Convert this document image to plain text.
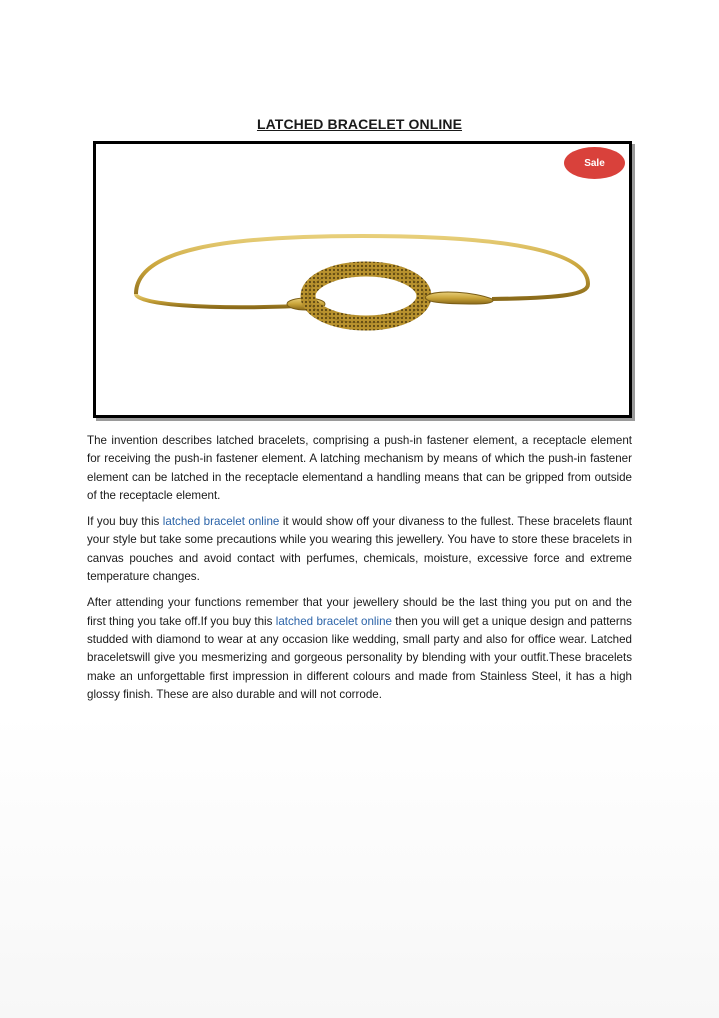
LATCHED BRACELET ONLINE
Sale

The invention describes latched bracelets, comprising a push-in fastener element, a receptacle element for receiving the push-in fastener element. A latching mechanism by means of which the push-in fastener element can be latched in the receptacle elementand a handling means that can be gripped from outside of the receptacle element.

If you buy this latched bracelet online it would show off your divaness to the fullest. These bracelets flaunt your style but take some precautions while you wearing this jewellery. You have to store these bracelets in canvas pouches and avoid contact with perfumes, chemicals, moisture, excessive force and extreme temperature changes.

After attending your functions remember that your jewellery should be the last thing you put on and the first thing you take off.If you buy this latched bracelet online then you will get a unique design and patterns studded with diamond to wear at any occasion like wedding, small party and also for office wear. Latched braceletswill give you mesmerizing and gorgeous personality by blending with your outfit.These bracelets make an unforgettable first impression in different colours and made from Stainless Steel, it has a high glossy finish. These are also durable and will not corrode.
